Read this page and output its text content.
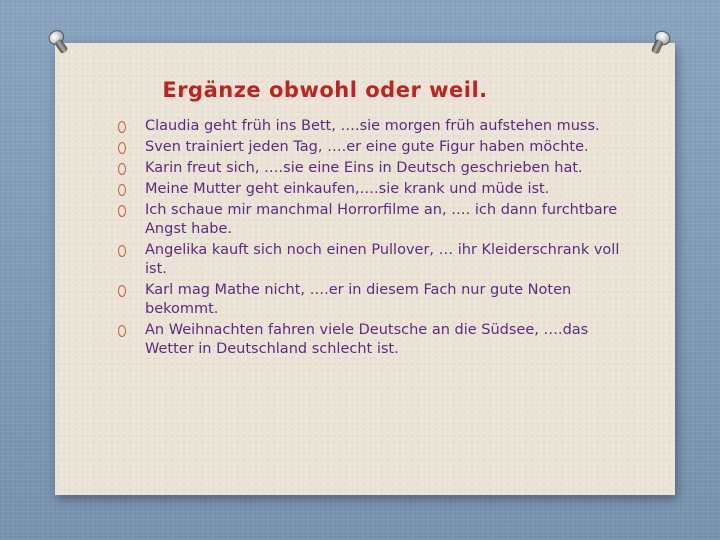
Ergänze obwohl oder weil.
Claudia geht früh ins Bett, ….sie morgen früh aufstehen muss.
Sven trainiert jeden Tag, ….er eine gute Figur haben möchte.
Karin freut sich, ….sie eine Eins in Deutsch geschrieben hat.
Meine Mutter geht einkaufen,….sie krank und müde ist.
Ich schaue mir manchmal Horrorfilme an, …. ich dann furchtbare Angst habe.
Angelika kauft sich noch einen Pullover, … ihr Kleiderschrank voll ist.
Karl mag Mathe nicht, ….er in diesem Fach nur gute Noten bekommt.
An Weihnachten fahren viele Deutsche an die Südsee, ….das Wetter in Deutschland schlecht ist.
